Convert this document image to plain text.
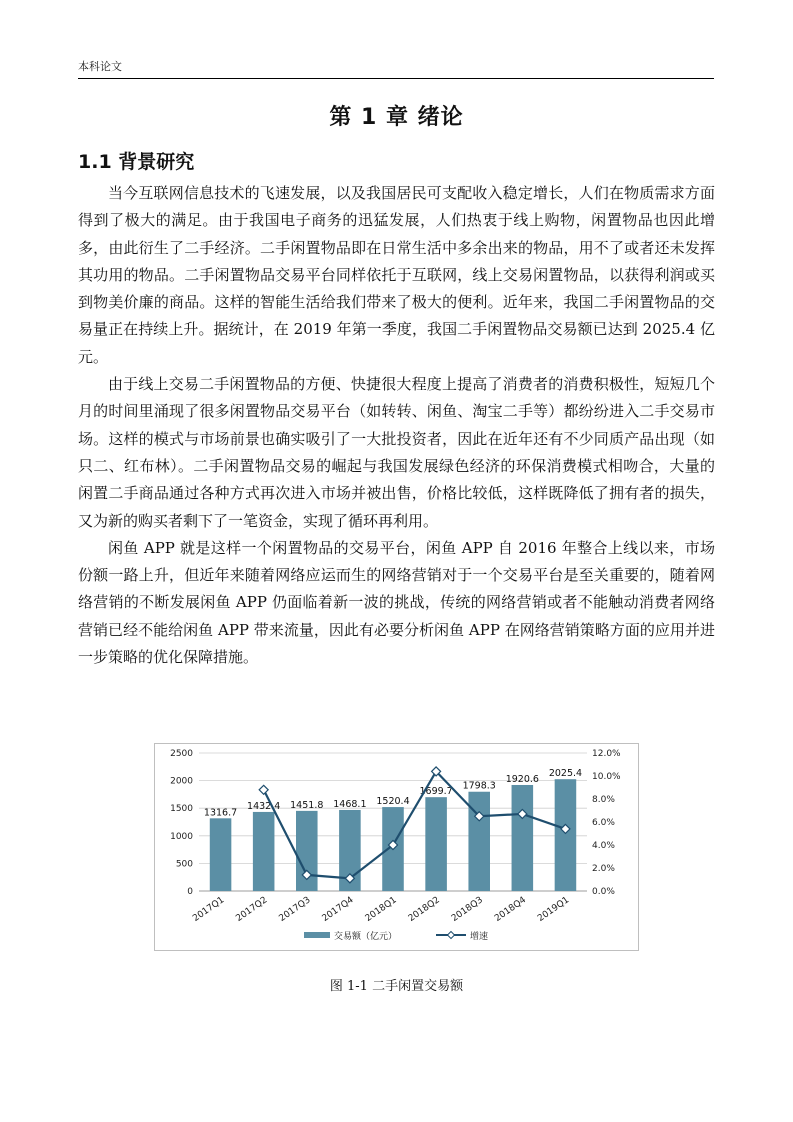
本科论文
第 1 章 绪论
1.1 背景研究

当今互联网信息技术的飞速发展，以及我国居民可支配收入稳定增长，人们在物质需求方面得到了极大的满足。由于我国电子商务的迅猛发展，人们热衷于线上购物，闲置物品也因此增多，由此衍生了二手经济。二手闲置物品即在日常生活中多余出来的物品，用不了或者还未发挥其功用的物品。二手闲置物品交易平台同样依托于互联网，线上交易闲置物品，以获得利润或买到物美价廉的商品。这样的智能生活给我们带来了极大的便利。近年来，我国二手闲置物品的交易量正在持续上升。据统计，在 2019 年第一季度，我国二手闲置物品交易额已达到 2025.4 亿元。

由于线上交易二手闲置物品的方便、快捷很大程度上提高了消费者的消费积极性，短短几个月的时间里涌现了很多闲置物品交易平台（如转转、闲鱼、淘宝二手等）都纷纷进入二手交易市场。这样的模式与市场前景也确实吸引了一大批投资者，因此在近年还有不少同质产品出现（如只二、红布林）。二手闲置物品交易的崛起与我国发展绿色经济的环保消费模式相吻合，大量的闲置二手商品通过各种方式再次进入市场并被出售，价格比较低，这样既降低了拥有者的损失，又为新的购买者剩下了一笔资金，实现了循环再利用。

闲鱼 APP 就是这样一个闲置物品的交易平台，闲鱼 APP 自 2016 年整合上线以来，市场份额一路上升，但近年来随着网络应运而生的网络营销对于一个交易平台是至关重要的，随着网络营销的不断发展闲鱼 APP 仍面临着新一波的挑战，传统的网络营销或者不能触动消费者网络营销已经不能给闲鱼 APP 带来流量，因此有必要分析闲鱼 APP 在网络营销策略方面的应用并进一步策略的优化保障措施。

0
500
1000
1500
2000
2500
0.0%
2.0%
4.0%
6.0%
8.0%
10.0%
12.0%
1316.7
2017Q1
1432.4
2017Q2
1451.8
2017Q3
1468.1
2017Q4
1520.4
2018Q1
1699.7
2018Q2
1798.3
2018Q3
1920.6
2018Q4
2025.4
2019Q1
交易额（亿元）	增速
图 1-1 二手闲置交易额
